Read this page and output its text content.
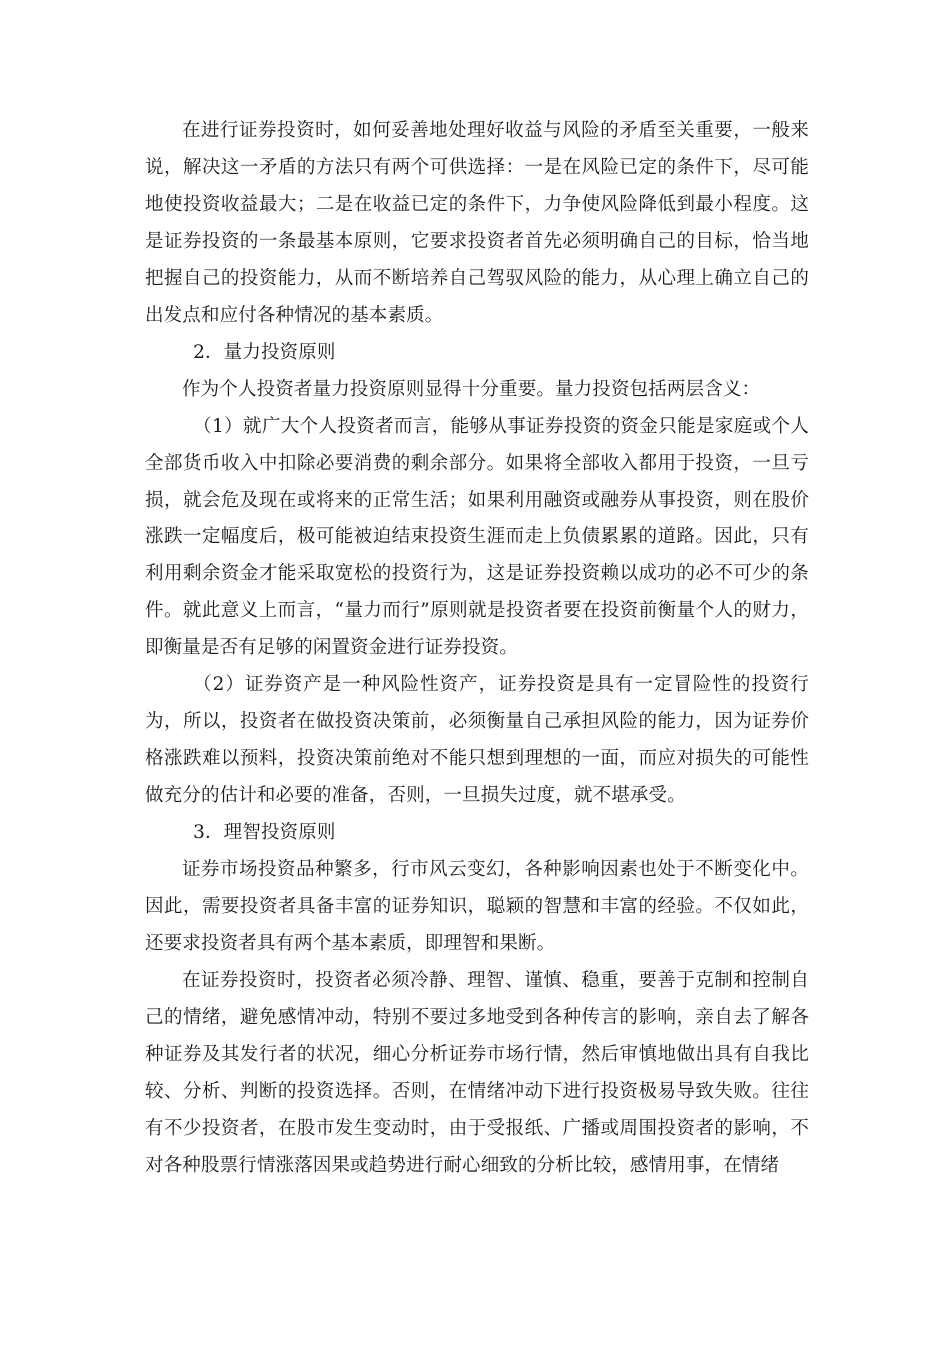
在进行证券投资时，如何妥善地处理好收益与风险的矛盾至关重要，一般来说，解决这一矛盾的方法只有两个可供选择：一是在风险已定的条件下，尽可能地使投资收益最大；二是在收益已定的条件下，力争使风险降低到最小程度。这是证券投资的一条最基本原则，它要求投资者首先必须明确自己的目标，恰当地把握自己的投资能力，从而不断培养自己驾驭风险的能力，从心理上确立自己的出发点和应付各种情况的基本素质。

2．量力投资原则

作为个人投资者量力投资原则显得十分重要。量力投资包括两层含义：

（1）就广大个人投资者而言，能够从事证券投资的资金只能是家庭或个人全部货币收入中扣除必要消费的剩余部分。如果将全部收入都用于投资，一旦亏损，就会危及现在或将来的正常生活；如果利用融资或融券从事投资，则在股价涨跌一定幅度后，极可能被迫结束投资生涯而走上负债累累的道路。因此，只有利用剩余资金才能采取宽松的投资行为，这是证券投资赖以成功的必不可少的条件。就此意义上而言，“量力而行”原则就是投资者要在投资前衡量个人的财力，即衡量是否有足够的闲置资金进行证券投资。

（2）证券资产是一种风险性资产，证券投资是具有一定冒险性的投资行为，所以，投资者在做投资决策前，必须衡量自己承担风险的能力，因为证券价格涨跌难以预料，投资决策前绝对不能只想到理想的一面，而应对损失的可能性做充分的估计和必要的准备，否则，一旦损失过度，就不堪承受。

3．理智投资原则

证券市场投资品种繁多，行市风云变幻，各种影响因素也处于不断变化中。因此，需要投资者具备丰富的证券知识，聪颖的智慧和丰富的经验。不仅如此，还要求投资者具有两个基本素质，即理智和果断。

在证券投资时，投资者必须冷静、理智、谨慎、稳重，要善于克制和控制自己的情绪，避免感情冲动，特别不要过多地受到各种传言的影响，亲自去了解各种证券及其发行者的状况，细心分析证券市场行情，然后审慎地做出具有自我比较、分析、判断的投资选择。否则，在情绪冲动下进行投资极易导致失败。往往有不少投资者，在股市发生变动时，由于受报纸、广播或周围投资者的影响，不对各种股票行情涨落因果或趋势进行耐心细致的分析比较，感情用事，在情绪
